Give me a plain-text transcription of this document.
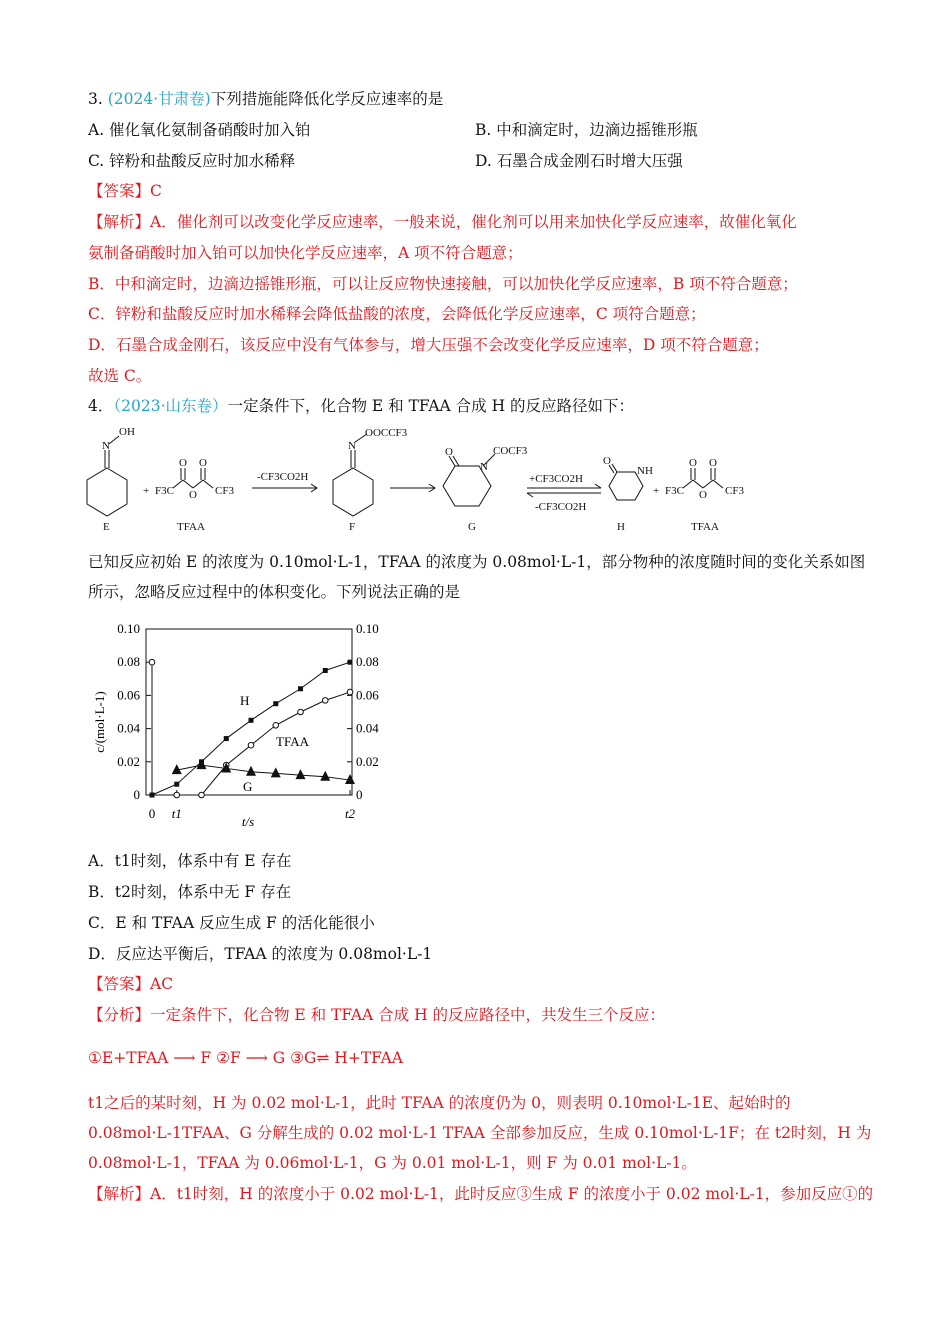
3. (2024·甘肃卷)下列措施能降低化学反应速率的是
A. 催化氧化氨制备硝酸时加入铂	B. 中和滴定时，边滴边摇锥形瓶
C. 锌粉和盐酸反应时加水稀释	D. 石墨合成金刚石时增大压强
【答案】C
【解析】A．催化剂可以改变化学反应速率，一般来说，催化剂可以用来加快化学反应速率，故催化氧化
氨制备硝酸时加入铂可以加快化学反应速率，A 项不符合题意；
B．中和滴定时，边滴边摇锥形瓶，可以让反应物快速接触，可以加快化学反应速率，B 项不符合题意；
C．锌粉和盐酸反应时加水稀释会降低盐酸的浓度，会降低化学反应速率，C 项符合题意；
D．石墨合成金刚石，该反应中没有气体参与，增大压强不会改变化学反应速率，D 项不符合题意；
故选 C。
4．（2023·山东卷）一定条件下，化合物 E 和 TFAA 合成 H 的反应路径如下：
N
OH
E
+ F3C
O O
O CF3
TFAA
-CF3CO2H
N
OOCCF3
F
O
N
COCF3
G
+CF3CO2H
-CF3CO2H
O
NH
H
+ F3C
O O
O CF3
TFAA
已知反应初始 E 的浓度为 0.10mol·L-1，TFAA 的浓度为 0.08mol·L-1，部分物种的浓度随时间的变化关系如图
所示，忽略反应过程中的体积变化。下列说法正确的是
0	0
0.02	0.02
0.04	0.04
0.06	0.06
0.08	0.08
0.10	0.10
0 t1	t2
c/(mol·L-1)
t/s
H
TFAA
G
A．t1时刻，体系中有 E 存在
B．t2时刻，体系中无 F 存在
C．E 和 TFAA 反应生成 F 的活化能很小
D．反应达平衡后，TFAA 的浓度为 0.08mol·L-1
【答案】AC
【分析】一定条件下，化合物 E 和 TFAA 合成 H 的反应路径中，共发生三个反应：
①E+TFAA ⟶ F ②F ⟶ G ③G⇌ H+TFAA
t1之后的某时刻，H 为 0.02 mol·L-1，此时 TFAA 的浓度仍为 0，则表明 0.10mol·L-1E、起始时的
0.08mol·L-1TFAA、G 分解生成的 0.02 mol·L-1 TFAA 全部参加反应，生成 0.10mol·L-1F；在 t2时刻，H 为
0.08mol·L-1，TFAA 为 0.06mol·L-1，G 为 0.01 mol·L-1，则 F 为 0.01 mol·L-1。
【解析】A．t1时刻，H 的浓度小于 0.02 mol·L-1，此时反应③生成 F 的浓度小于 0.02 mol·L-1，参加反应①的
